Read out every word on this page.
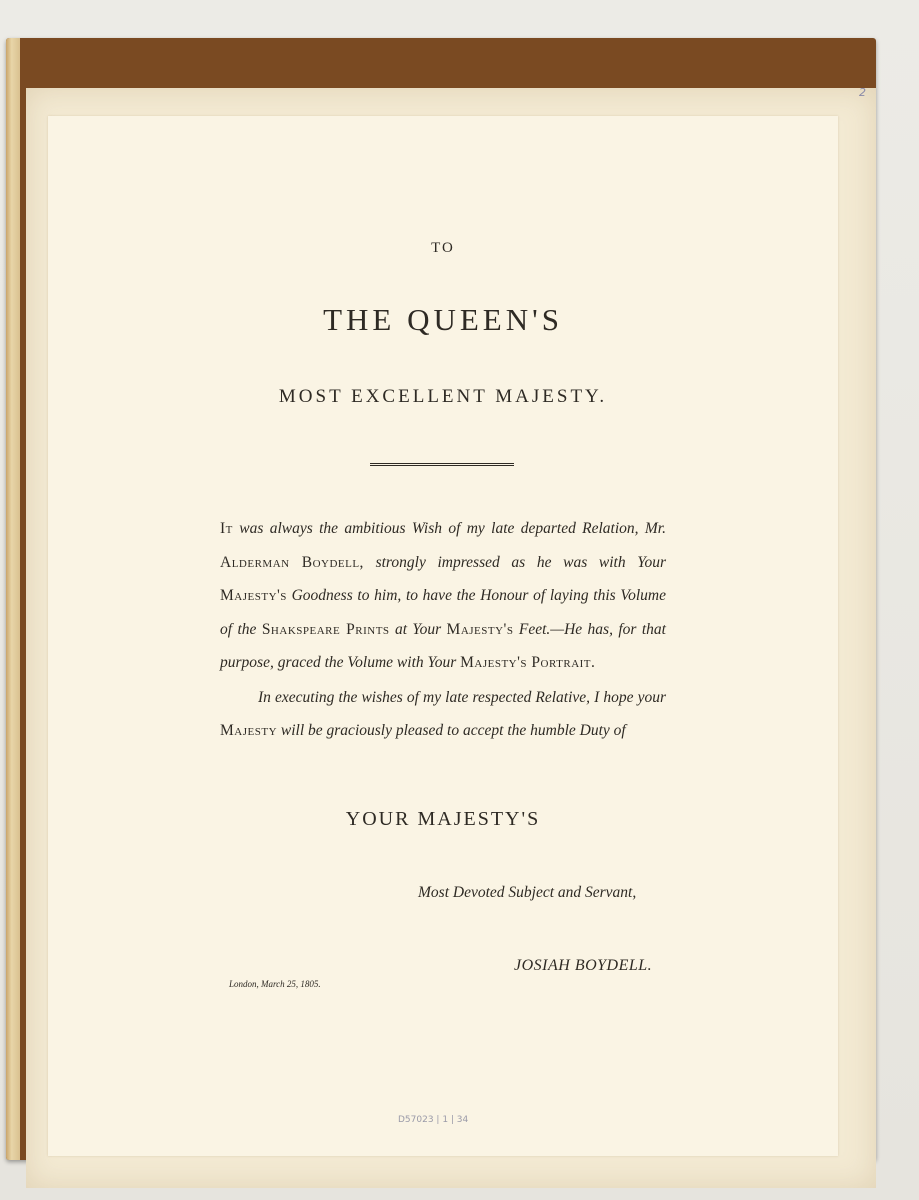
2
TO
THE QUEEN'S
MOST EXCELLENT MAJESTY.

It was always the ambitious Wish of my late departed Relation, Mr. Alderman Boydell, strongly impressed as he was with Your Majesty's Goodness to him, to have the Honour of laying this Volume of the Shakspeare Prints at Your Majesty's Feet.—He has, for that purpose, graced the Volume with Your Majesty's Portrait.

In executing the wishes of my late respected Relative, I hope your Majesty will be graciously pleased to accept the humble Duty of

YOUR MAJESTY'S
Most Devoted Subject and Servant,
JOSIAH BOYDELL.
London, March 25, 1805.
D57023 | 1 | 34
